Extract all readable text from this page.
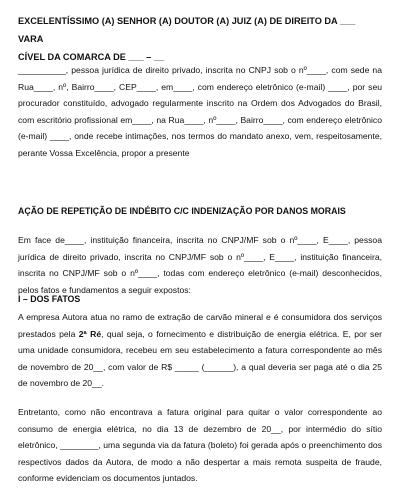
EXCELENTÍSSIMO (A) SENHOR (A) DOUTOR (A) JUIZ (A) DE DIREITO DA ___ VARA
CÍVEL DA COMARCA DE ___ – __

__________, pessoa jurídica de direito privado, inscrita no CNPJ sob o nº____, com sede na Rua____, nº, Bairro____, CEP____, em____, com endereço eletrônico (e-mail) ____, por seu procurador constituído, advogado regularmente inscrito na Ordem dos Advogados do Brasil, com escritório profissional em____, na Rua____, nº____, Bairro____, com endereço eletrônico (e-mail) ____, onde recebe intimações, nos termos do mandato anexo, vem, respeitosamente, perante Vossa Excelência, propor a presente

AÇÃO DE REPETIÇÃO DE INDÉBITO C/C INDENIZAÇÃO POR DANOS MORAIS

Em face de____, instituição financeira, inscrita no CNPJ/MF sob o nº____, E____, pessoa jurídica de direito privado, inscrita no CNPJ/MF sob o nº____, E____, instituição financeira, inscrita no CNPJ/MF sob o nº____, todas com endereço eletrônico (e-mail) desconhecidos, pelos fatos e fundamentos a seguir expostos:

I – DOS FATOS

A empresa Autora atua no ramo de extração de carvão mineral e é consumidora dos serviços prestados pela 2ª Ré, qual seja, o fornecimento e distribuição de energia elétrica. E, por ser uma unidade consumidora, recebeu em seu estabelecimento a fatura correspondente ao mês de novembro de 20__, com valor de R$ _____ (______), a qual deveria ser paga até o dia 25 de novembro de 20__.

Entretanto, como não encontrava a fatura original para quitar o valor correspondente ao consumo de energia elétrica, no dia 13 de dezembro de 20__, por intermédio do sítio eletrônico, ________, uma segunda via da fatura (boleto) foi gerada após o preenchimento dos respectivos dados da Autora, de modo a não despertar a mais remota suspeita de fraude, conforme evidenciam os documentos juntados.
